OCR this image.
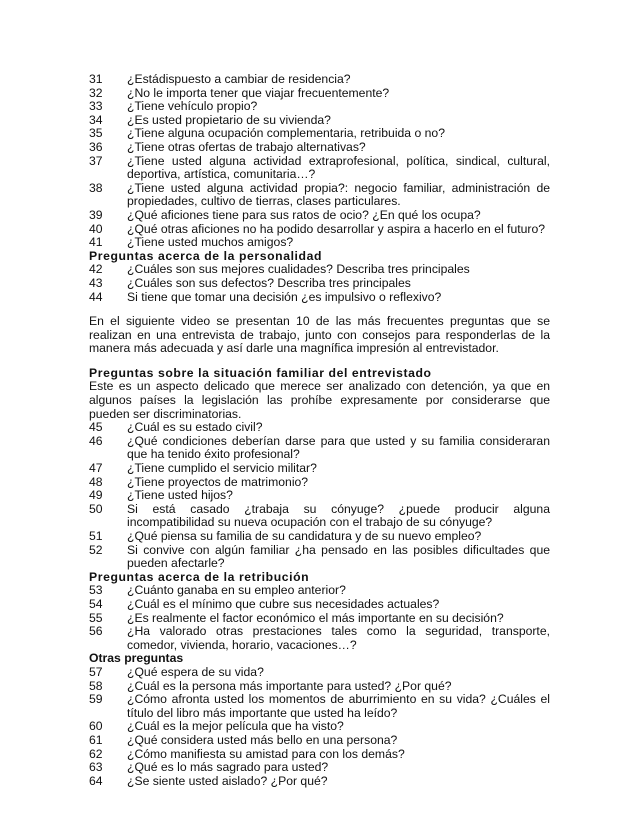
31	¿Estádispuesto a cambiar de residencia?
32	¿No le importa tener que viajar frecuentemente?
33	¿Tiene vehículo propio?
34	¿Es usted propietario de su vivienda?
35	¿Tiene alguna ocupación complementaria, retribuida o no?
36	¿Tiene otras ofertas de trabajo alternativas?
37	¿Tiene usted alguna actividad extraprofesional, política, sindical, cultural, deportiva, artística, comunitaria…?
38	¿Tiene usted alguna actividad propia?: negocio familiar, administración de propiedades, cultivo de tierras, clases particulares.
39	¿Qué aficiones tiene para sus ratos de ocio? ¿En qué los ocupa?
40	¿Qué otras aficiones no ha podido desarrollar y aspira a hacerlo en el futuro?
41	¿Tiene usted muchos amigos?
Preguntas acerca de la personalidad
42	¿Cuáles son sus mejores cualidades? Describa tres principales
43	¿Cuáles son sus defectos? Describa tres principales
44	Si tiene que tomar una decisión ¿es impulsivo o reflexivo?
En el siguiente video se presentan 10 de las más frecuentes preguntas que se realizan en una entrevista de trabajo, junto con consejos para responderlas de la manera más adecuada y así darle una magnífica impresión al entrevistador.
Preguntas sobre la situación familiar del entrevistado
Este es un aspecto delicado que merece ser analizado con detención, ya que en algunos países la legislación las prohíbe expresamente por considerarse que pueden ser discriminatorias.
45	¿Cuál es su estado civil?
46	¿Qué condiciones deberían darse para que usted y su familia consideraran que ha tenido éxito profesional?
47	¿Tiene cumplido el servicio militar?
48	¿Tiene proyectos de matrimonio?
49	¿Tiene usted hijos?
50	Si está casado ¿trabaja su cónyuge? ¿puede producir alguna incompatibilidad su nueva ocupación con el trabajo de su cónyuge?
51	¿Qué piensa su familia de su candidatura y de su nuevo empleo?
52	Si convive con algún familiar ¿ha pensado en las posibles dificultades que pueden afectarle?
Preguntas acerca de la retribución
53	¿Cuánto ganaba en su empleo anterior?
54	¿Cuál es el mínimo que cubre sus necesidades actuales?
55	¿Es realmente el factor económico el más importante en su decisión?
56	¿Ha valorado otras prestaciones tales como la seguridad, transporte, comedor, vivienda, horario, vacaciones…?
Otras preguntas
57	¿Qué espera de su vida?
58	¿Cuál es la persona más importante para usted? ¿Por qué?
59	¿Cómo afronta usted los momentos de aburrimiento en su vida? ¿Cuáles el título del libro más importante que usted ha leído?
60	¿Cuál es la mejor película que ha visto?
61	¿Qué considera usted más bello en una persona?
62	¿Cómo manifiesta su amistad para con los demás?
63	¿Qué es lo más sagrado para usted?
64	¿Se siente usted aislado? ¿Por qué?
